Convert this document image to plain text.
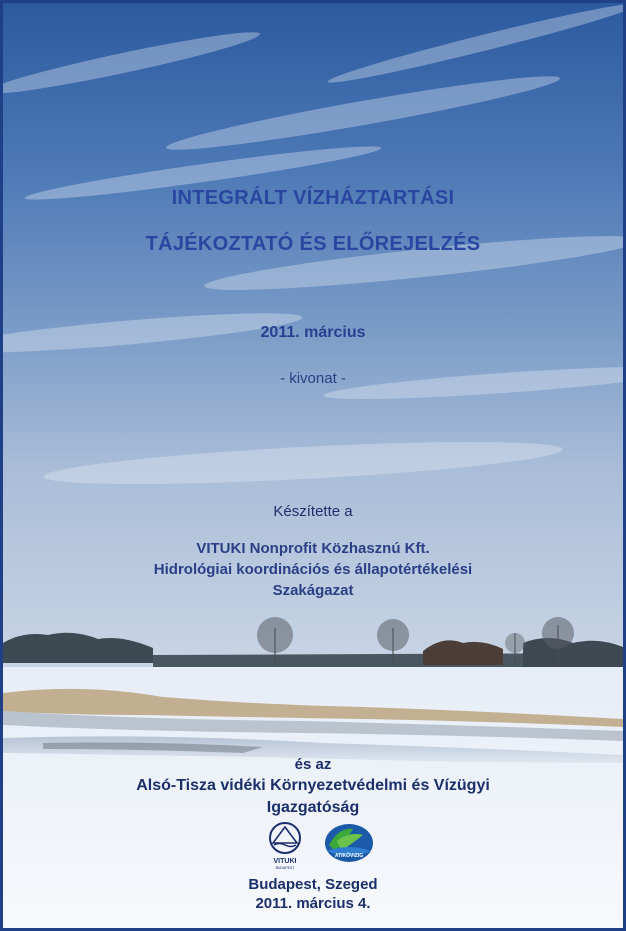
INTEGRÁLT VÍZHÁZTARTÁSI

TÁJÉKOZTATÓ ÉS ELŐREJELZÉS

2011. március

- kivonat -

Készítette a

VITUKI Nonprofit Közhasznú Kft.

Hidrológiai koordinációs és állapotértékelési

Szakágazat

és az

Alsó-Tisza vidéki Környezetvédelmi és Vízügyi

Igazgatóság

VITUKI
BUDAPEST
ATIKÖVIZIG

Budapest, Szeged

2011. március 4.
